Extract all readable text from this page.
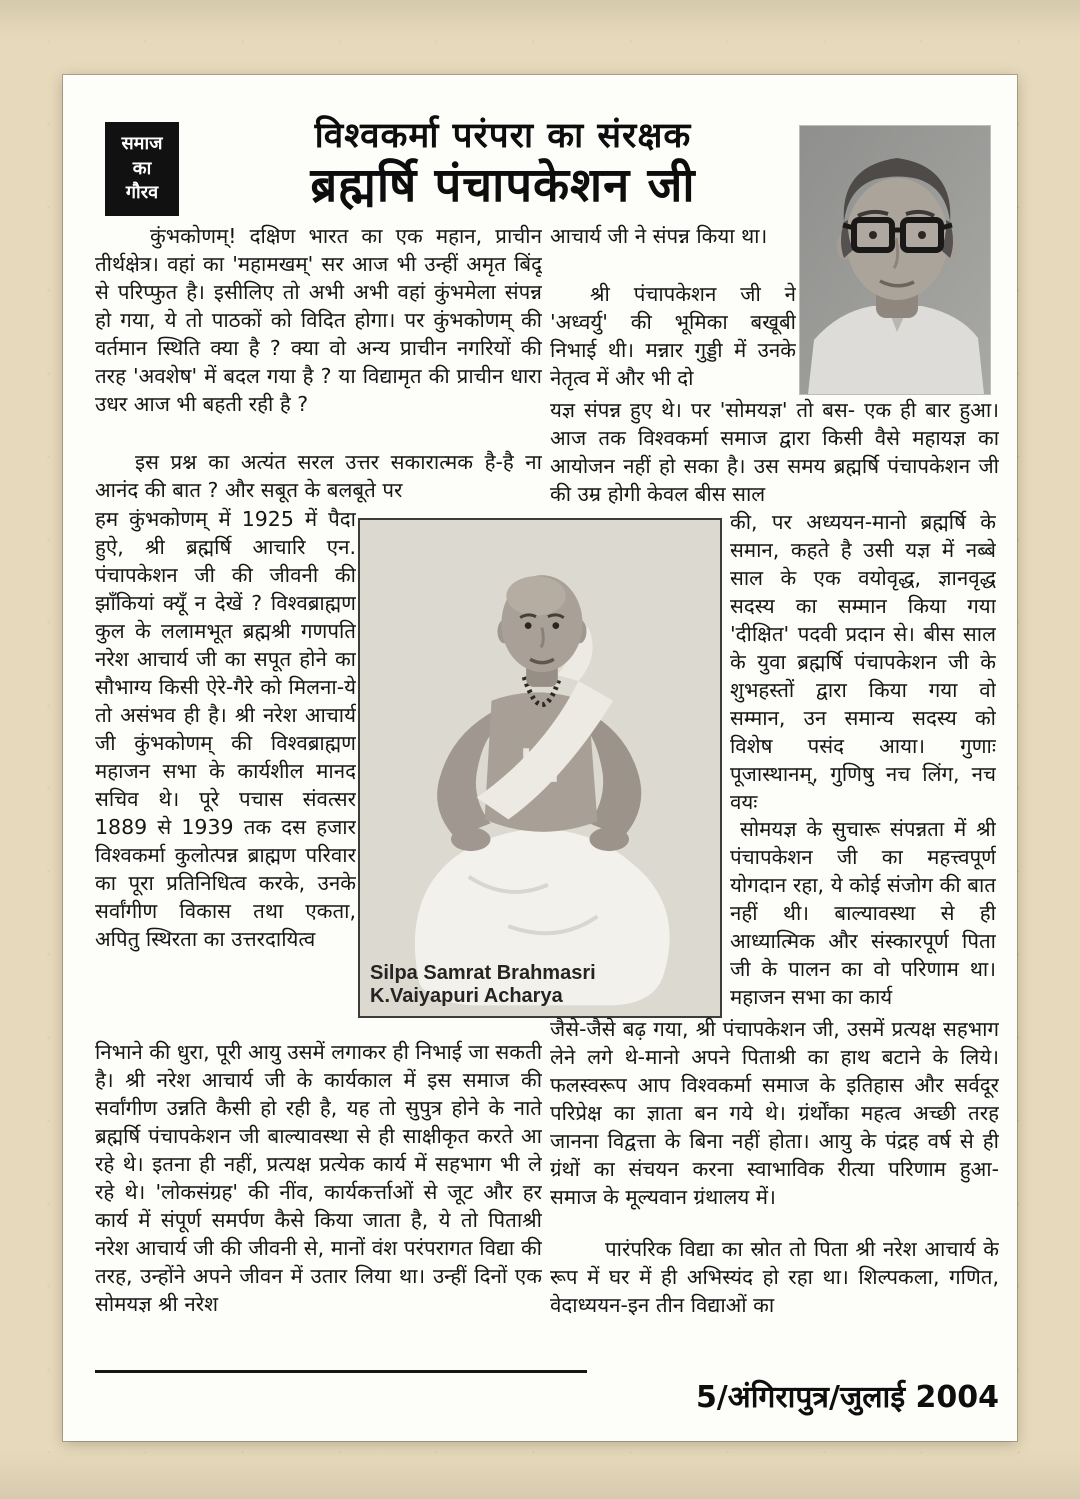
समाज
का
गौरव
विश्वकर्मा परंपरा का संरक्षक
ब्रह्मर्षि पंचापकेशन जी
Silpa Samrat Brahmasri K.Vaiyapuri Acharya
कुंभकोणम्! दक्षिण भारत का एक महान, प्राचीन तीर्थक्षेत्र। वहां का 'महामखम्' सर आज भी उन्हीं अमृत बिंदू से परिप्फुत है। इसीलिए तो अभी अभी वहां कुंभमेला संपन्न हो गया, ये तो पाठकों को विदित होगा। पर कुंभकोणम् की वर्तमान स्थिति क्या है ? क्या वो अन्य प्राचीन नगरियों की तरह 'अवशेष' में बदल गया है ? या विद्यामृत की प्राचीन धारा उधर आज भी बहती रही है ?
इस प्रश्न का अत्यंत सरल उत्तर सकारात्मक है-है ना आनंद की बात ? और सबूत के बलबूते पर
हम कुंभकोणम् में 1925 में पैदा हुऐ, श्री ब्रह्मर्षि आचारि एन. पंचापकेशन जी की जीवनी की झाँकियां क्यूँ न देखें ? विश्वब्राह्मण कुल के ललामभूत ब्रह्मश्री गणपति नरेश आचार्य जी का सपूत होने का सौभाग्य किसी ऐरे-गैरे को मिलना-ये तो असंभव ही है। श्री नरेश आचार्य जी कुंभकोणम् की विश्वब्राह्मण महाजन सभा के कार्यशील मानद सचिव थे। पूरे पचास संवत्सर 1889 से 1939 तक दस हजार विश्वकर्मा कुलोत्पन्न ब्राह्मण परिवार का पूरा प्रतिनिधित्व करके, उनके सर्वांगीण विकास तथा एकता, अपितु स्थिरता का उत्तरदायित्व
निभाने की धुरा, पूरी आयु उसमें लगाकर ही निभाई जा सकती है। श्री नरेश आचार्य जी के कार्यकाल में इस समाज की सर्वांगीण उन्नति कैसी हो रही है, यह तो सुपुत्र होने के नाते ब्रह्मर्षि पंचापकेशन जी बाल्यावस्था से ही साक्षीकृत करते आ रहे थे। इतना ही नहीं, प्रत्यक्ष प्रत्येक कार्य में सहभाग भी ले रहे थे। 'लोकसंग्रह' की नींव, कार्यकर्त्ताओं से जूट और हर कार्य में संपूर्ण समर्पण कैसे किया जाता है, ये तो पिताश्री नरेश आचार्य जी की जीवनी से, मानों वंश परंपरागत विद्या की तरह, उन्होंने अपने जीवन में उतार लिया था। उन्हीं दिनों एक सोमयज्ञ श्री नरेश
आचार्य जी ने संपन्न किया था।
श्री पंचापकेशन जी ने 'अध्वर्यु' की भूमिका बखूबी निभाई थी। मन्नार गुड्डी में उनके नेतृत्व में और भी दो
यज्ञ संपन्न हुए थे। पर 'सोमयज्ञ' तो बस- एक ही बार हुआ। आज तक विश्वकर्मा समाज द्वारा किसी वैसे महायज्ञ का आयोजन नहीं हो सका है। उस समय ब्रह्मर्षि पंचापकेशन जी की उम्र होगी केवल बीस साल
की, पर अध्ययन-मानो ब्रह्मर्षि के समान, कहते है उसी यज्ञ में नब्बे साल के एक वयोवृद्ध, ज्ञानवृद्ध सदस्य का सम्मान किया गया 'दीक्षित' पदवी प्रदान से। बीस साल के युवा ब्रह्मर्षि पंचापकेशन जी के शुभहस्तों द्वारा किया गया वो सम्मान, उन समान्य सदस्य को विशेष पसंद आया। गुणाः पूजास्थानम्, गुणिषु नच लिंग, नच वयः
सोमयज्ञ के सुचारू संपन्नता में श्री पंचापकेशन जी का महत्त्वपूर्ण योगदान रहा, ये कोई संजोग की बात नहीं थी। बाल्यावस्था से ही आध्यात्मिक और संस्कारपूर्ण पिता जी के पालन का वो परिणाम था। महाजन सभा का कार्य
जैसे-जैसे बढ़ गया, श्री पंचापकेशन जी, उसमें प्रत्यक्ष सहभाग लेने लगे थे-मानो अपने पिताश्री का हाथ बटाने के लिये। फलस्वरूप आप विश्वकर्मा समाज के इतिहास और सर्वदूर परिप्रेक्ष का ज्ञाता बन गये थे। ग्रंर्थोंका महत्व अच्छी तरह जानना विद्वत्ता के बिना नहीं होता। आयु के पंद्रह वर्ष से ही ग्रंथों का संचयन करना स्वाभाविक रीत्या परिणाम हुआ- समाज के मूल्यवान ग्रंथालय में।
पारंपरिक विद्या का स्रोत तो पिता श्री नरेश आचार्य के रूप में घर में ही अभिस्यंद हो रहा था। शिल्पकला, गणित, वेदाध्ययन-इन तीन विद्याओं का
5/अंगिरापुत्र/जुलाई 2004
